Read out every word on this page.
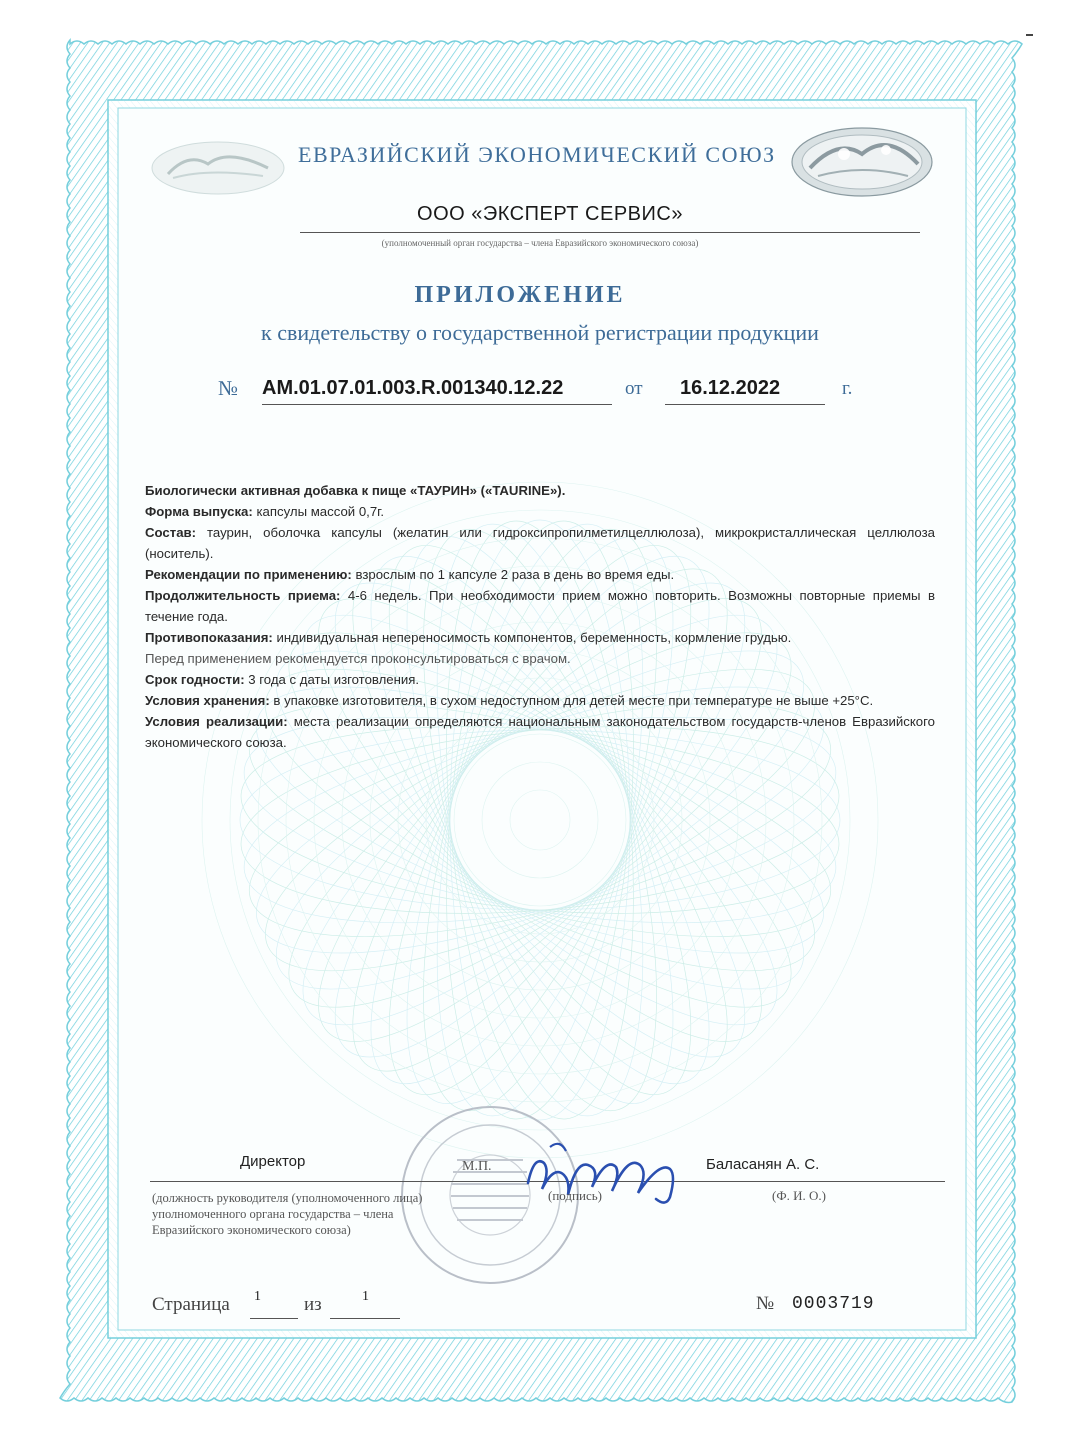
ЕВРАЗИЙСКИЙ ЭКОНОМИЧЕСКИЙ СОЮЗ
ООО «ЭКСПЕРТ СЕРВИС»
(уполномоченный орган государства – члена Евразийского экономического союза)
ПРИЛОЖЕНИЕ
к свидетельству о государственной регистрации продукции
№ AM.01.07.01.003.R.001340.12.22	от 16.12.2022	г.

Биологически активная добавка к пище «ТАУРИН» («TAURINE»).

Форма выпуска: капсулы массой 0,7г.

Состав: таурин, оболочка капсулы (желатин или гидроксипропилметилцеллюлоза), микрокристаллическая целлюлоза (носитель).

Рекомендации по применению: взрослым по 1 капсуле 2 раза в день во время еды.

Продолжительность приема: 4-6 недель. При необходимости прием можно повторить. Возможны повторные приемы в течение года.

Противопоказания: индивидуальная непереносимость компонентов, беременность, кормление грудью.

Перед применением рекомендуется проконсультироваться с врачом.

Срок годности: 3 года с даты изготовления.

Условия хранения: в упаковке изготовителя, в сухом недоступном для детей месте при температуре не выше +25°С.

Условия реализации: места реализации определяются национальным законодательством государств-членов Евразийского экономического союза.

Директор	М.П.	Баласанян А. С.
(подпись)	(Ф. И. О.)
(должность руководителя (уполномоченного лица) уполномоченного органа государства – члена Евразийского экономического союза)
Страница 1	из	1	№ 0003719
